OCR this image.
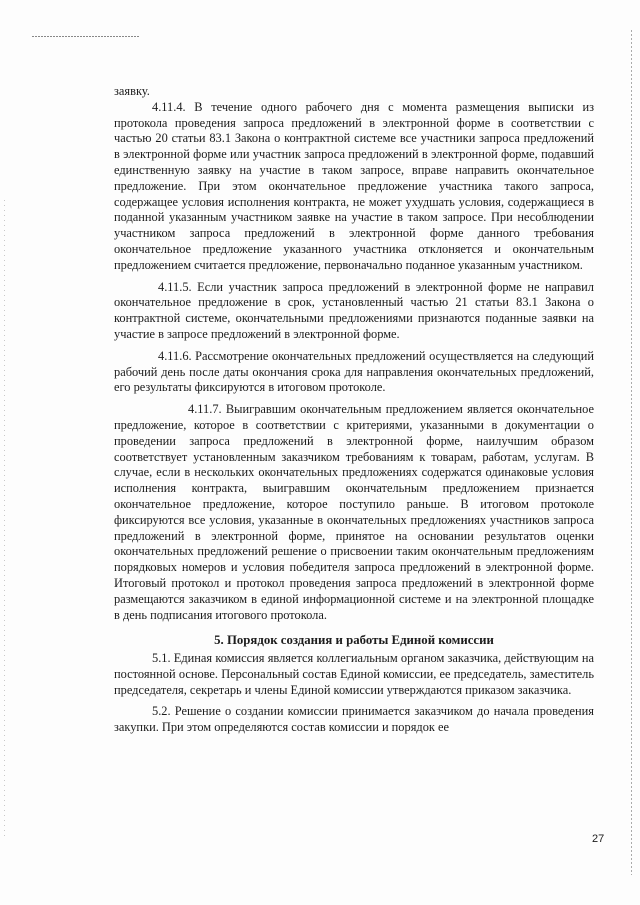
заявку.

4.11.4. В течение одного рабочего дня с момента размещения выписки из протокола проведения запроса предложений в электронной форме в соответствии с частью 20 статьи 83.1 Закона о контрактной системе все участники запроса предложений в электронной форме или участник запроса предложений в электронной форме, подавший единственную заявку на участие в таком запросе, вправе направить окончательное предложение. При этом окончательное предложение участника такого запроса, содержащее условия исполнения контракта, не может ухудшать условия, содержащиеся в поданной указанным участником заявке на участие в таком запросе. При несоблюдении участником запроса предложений в электронной форме данного требования окончательное предложение указанного участника отклоняется и окончательным предложением считается предложение, первоначально поданное указанным участником.

4.11.5. Если участник запроса предложений в электронной форме не направил окончательное предложение в срок, установленный частью 21 статьи 83.1 Закона о контрактной системе, окончательными предложениями признаются поданные заявки на участие в запросе предложений в электронной форме.

4.11.6. Рассмотрение окончательных предложений осуществляется на следующий рабочий день после даты окончания срока для направления окончательных предложений, его результаты фиксируются в итоговом протоколе.

4.11.7. Выигравшим окончательным предложением является окончательное предложение, которое в соответствии с критериями, указанными в документации о проведении запроса предложений в электронной форме, наилучшим образом соответствует установленным заказчиком требованиям к товарам, работам, услугам. В случае, если в нескольких окончательных предложениях содержатся одинаковые условия исполнения контракта, выигравшим окончательным предложением признается окончательное предложение, которое поступило раньше. В итоговом протоколе фиксируются все условия, указанные в окончательных предложениях участников запроса предложений в электронной форме, принятое на основании результатов оценки окончательных предложений решение о присвоении таким окончательным предложениям порядковых номеров и условия победителя запроса предложений в электронной форме. Итоговый протокол и протокол проведения запроса предложений в электронной форме размещаются заказчиком в единой информационной системе и на электронной площадке в день подписания итогового протокола.

5. Порядок создания и работы Единой комиссии

5.1. Единая комиссия является коллегиальным органом заказчика, действующим на постоянной основе. Персональный состав Единой комиссии, ее председатель, заместитель председателя, секретарь и члены Единой комиссии утверждаются приказом заказчика.

5.2. Решение о создании комиссии принимается заказчиком до начала проведения закупки. При этом определяются состав комиссии и порядок ее

27
